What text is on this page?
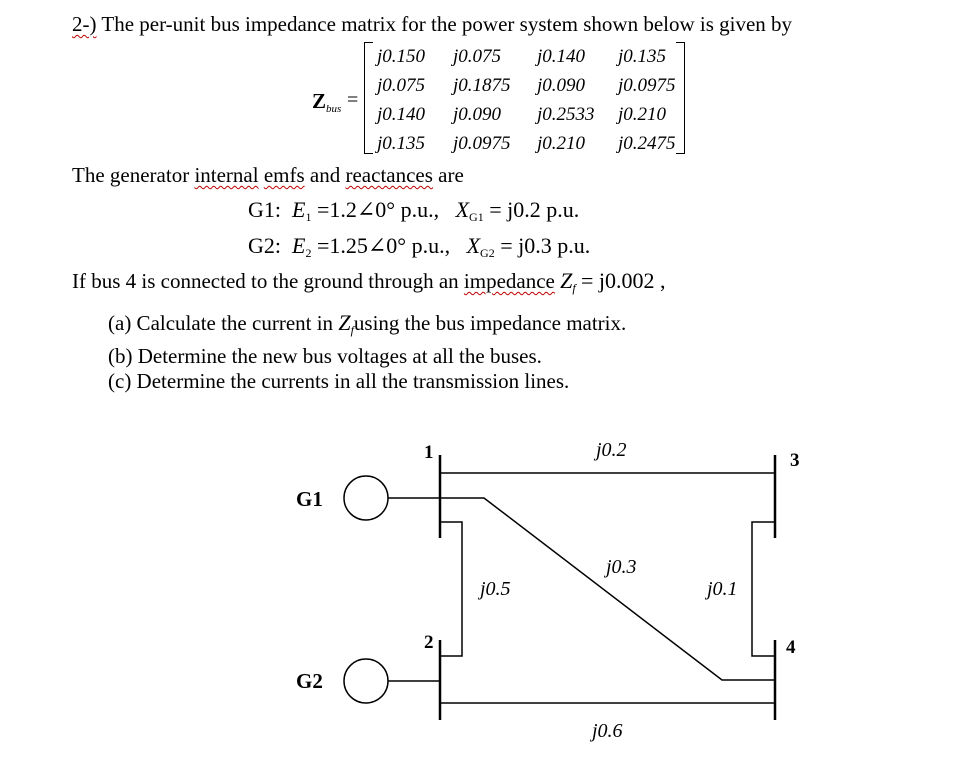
2-) The per-unit bus impedance matrix for the power system shown below is given by
Zbus =
j0.150	j0.075	j0.140	j0.135
j0.075	j0.1875	j0.090	j0.0975
j0.140	j0.090	j0.2533	j0.210
j0.135	j0.0975	j0.210	j0.2475
The generator internal emfs and reactances are
G1: E1 =1.2∠0° p.u., XG1 = j0.2 p.u.
G2: E2 =1.25∠0° p.u., XG2 = j0.3 p.u.
If bus 4 is connected to the ground through an impedance Zf = j0.002 ,
(a) Calculate the current in Zfusing the bus impedance matrix.
(b) Determine the new bus voltages at all the buses.
(c) Determine the currents in all the transmission lines.
1
2
3
4
G1
G2
j0.2
j0.3
j0.5	j0.1
j0.6
